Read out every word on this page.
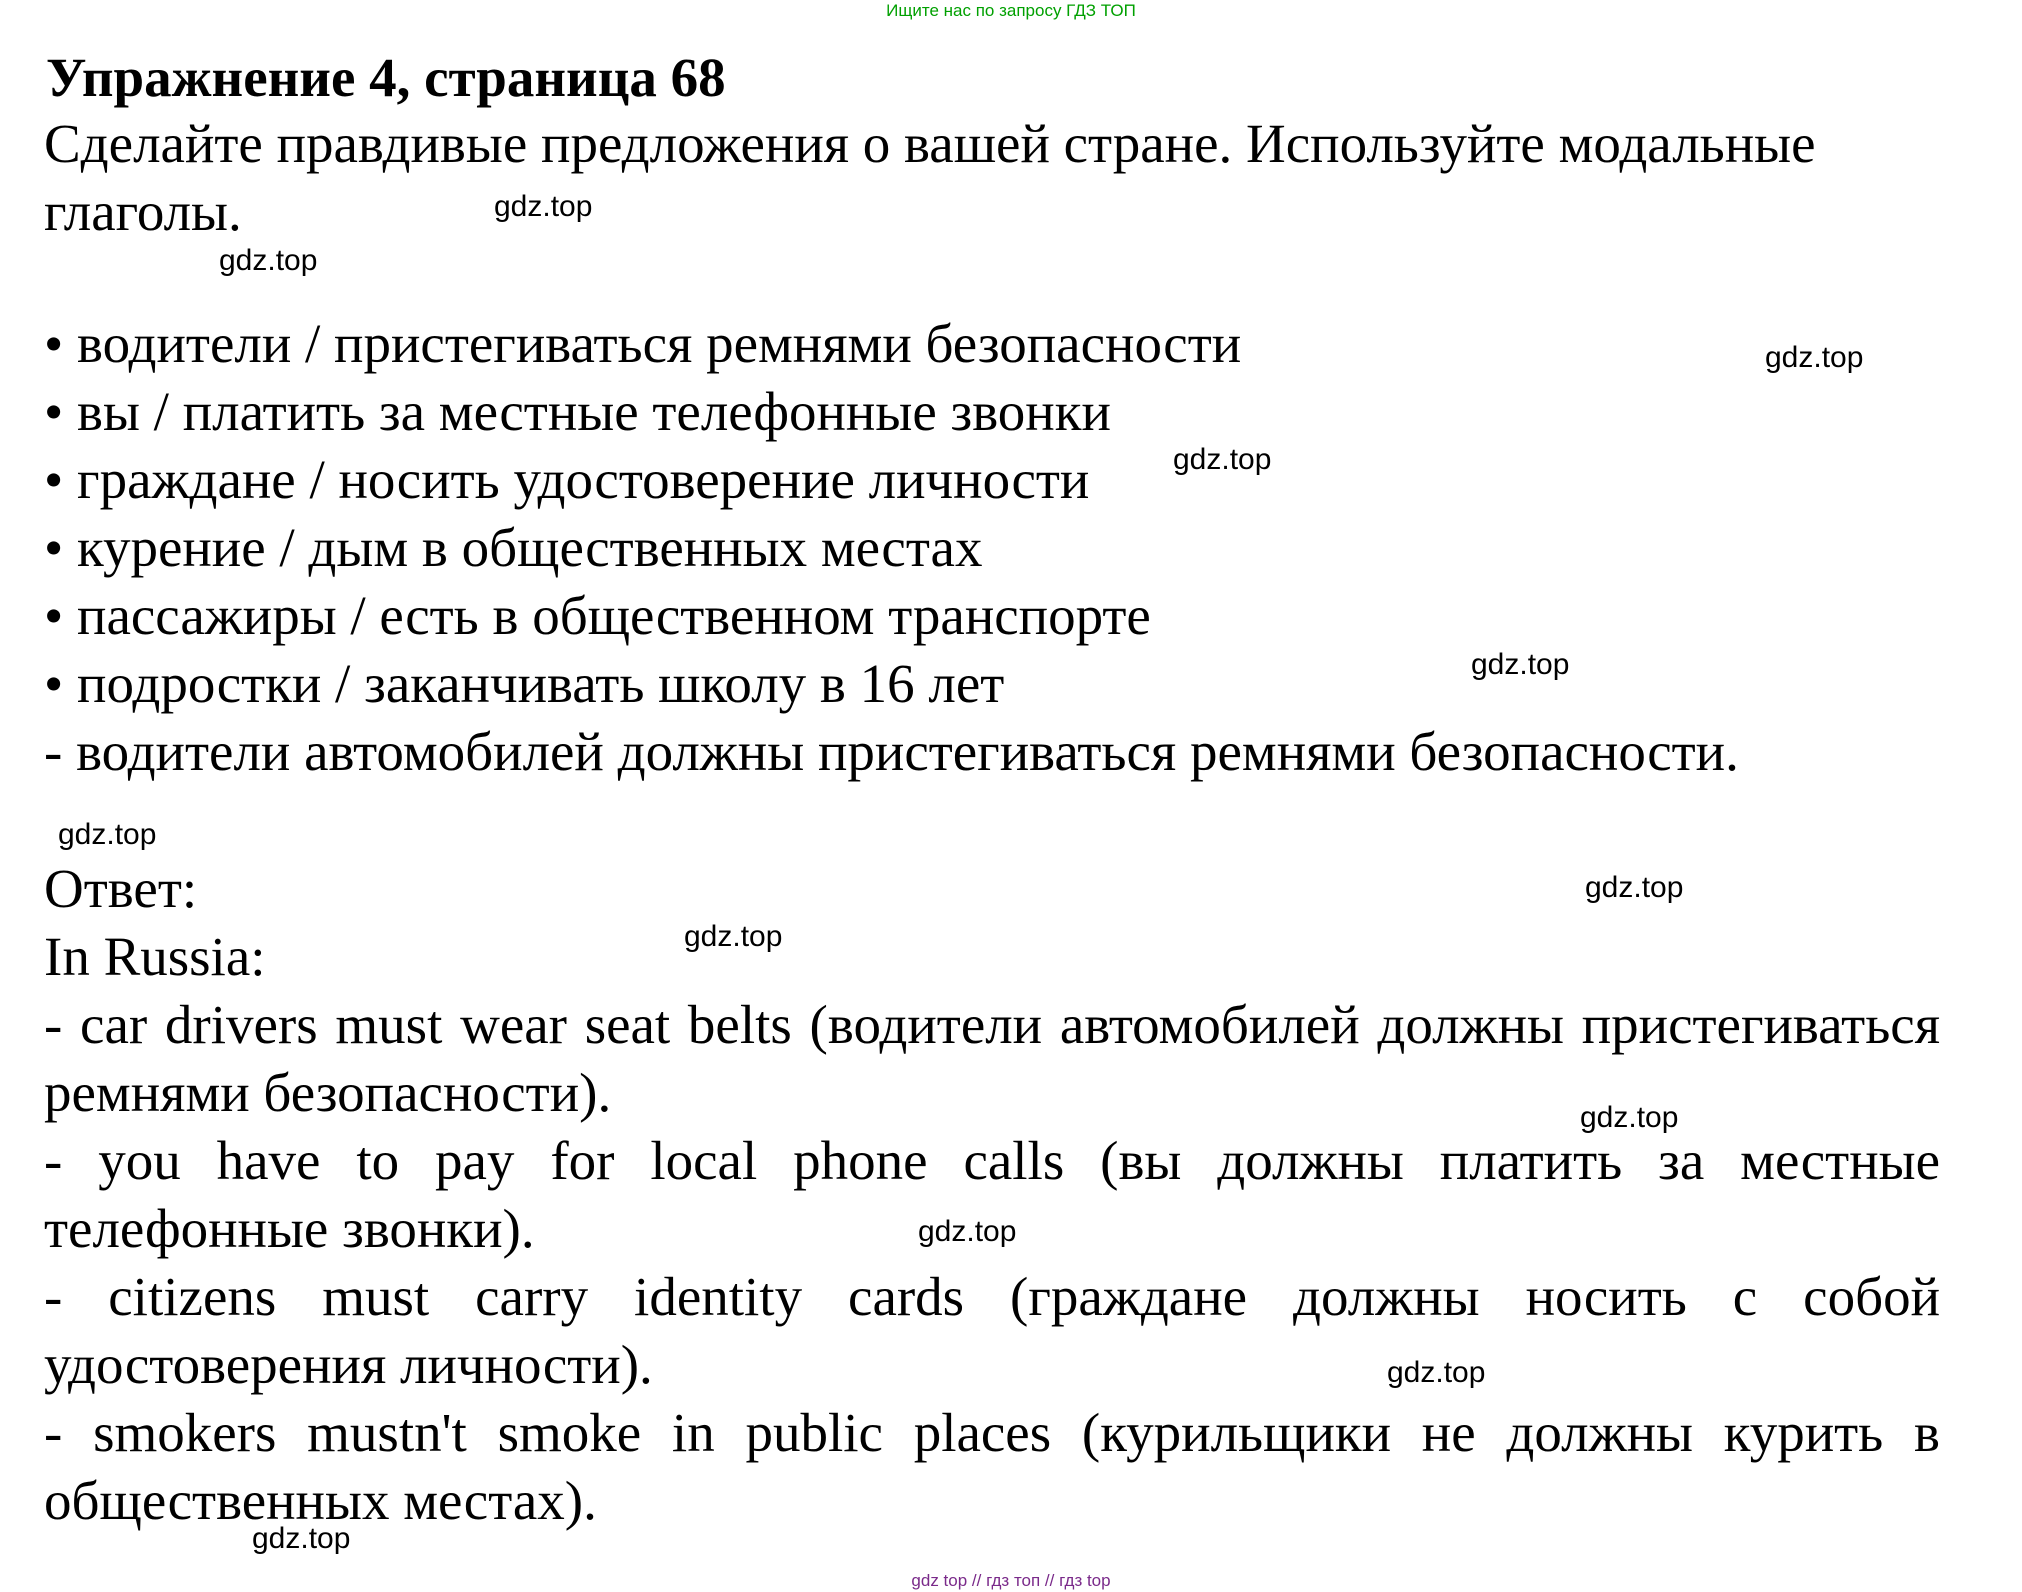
Ищите нас по запросу ГДЗ ТОП
Упражнение 4, страница 68

Сделайте правдивые предложения о вашей стране. Используйте модальные глаголы.

• водители / пристегиваться ремнями безопасности
• вы / платить за местные телефонные звонки
• граждане / носить удостоверение личности
• курение / дым в общественных местах
• пассажиры / есть в общественном транспорте
• подростки / заканчивать школу в 16 лет

- водители автомобилей должны пристегиваться ремнями безопасности.

Ответ:

In Russia:

- car drivers must wear seat belts (водители автомобилей должны пристегиваться ремнями безопасности).

- you have to pay for local phone calls (вы должны платить за местные телефонные звонки).

- citizens must carry identity cards (граждане должны носить с собой удостоверения личности).

- smokers mustn't smoke in public places (курильщики не должны курить в общественных местах).

gdz.top
gdz.top
gdz.top
gdz.top
gdz.top
gdz.top
gdz.top
gdz.top
gdz.top
gdz.top
gdz.top
gdz.top
gdz top // гдз топ // гдз top
